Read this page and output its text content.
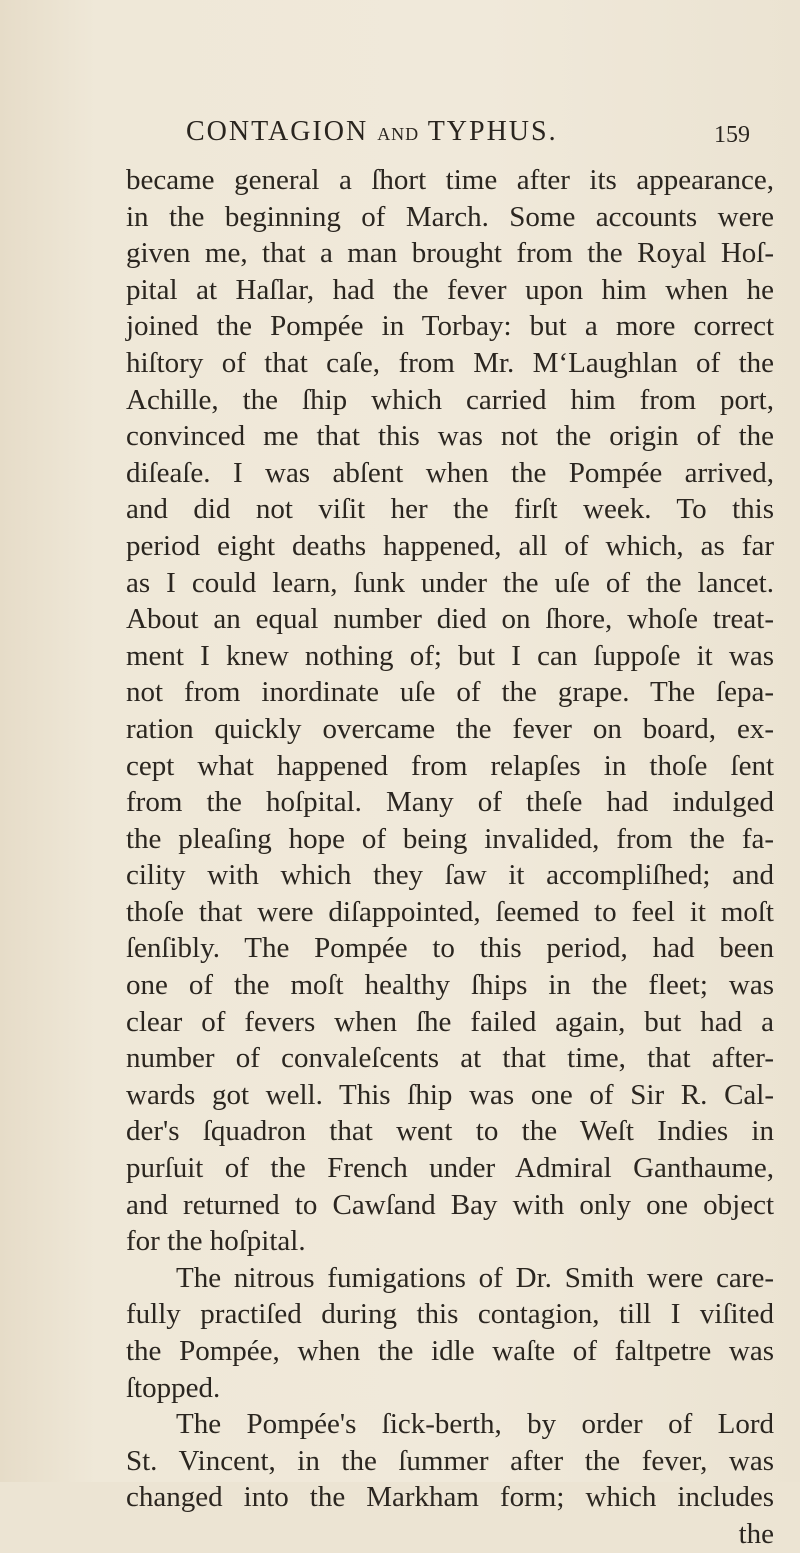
CONTAGION AND TYPHUS.	159
became general a ſhort time after its appearance,
in the beginning of March. Some accounts were
given me, that a man brought from the Royal Hoſ-
pital at Haſlar, had the fever upon him when he
joined the Pompée in Torbay: but a more correct
hiſtory of that caſe, from Mr. M‘Laughlan of the
Achille, the ſhip which carried him from port,
convinced me that this was not the origin of the
diſeaſe. I was abſent when the Pompée arrived,
and did not viſit her the firſt week. To this
period eight deaths happened, all of which, as far
as I could learn, ſunk under the uſe of the lancet.
About an equal number died on ſhore, whoſe treat-
ment I knew nothing of; but I can ſuppoſe it was
not from inordinate uſe of the grape. The ſepa-
ration quickly overcame the fever on board, ex-
cept what happened from relapſes in thoſe ſent
from the hoſpital. Many of theſe had indulged
the pleaſing hope of being invalided, from the fa-
cility with which they ſaw it accompliſhed; and
thoſe that were diſappointed, ſeemed to feel it moſt
ſenſibly. The Pompée to this period, had been
one of the moſt healthy ſhips in the fleet; was
clear of fevers when ſhe failed again, but had a
number of convaleſcents at that time, that after-
wards got well. This ſhip was one of Sir R. Cal-
der's ſquadron that went to the Weſt Indies in
purſuit of the French under Admiral Ganthaume,
and returned to Cawſand Bay with only one object
for the hoſpital.
The nitrous fumigations of Dr. Smith were care-
fully practiſed during this contagion, till I viſited
the Pompée, when the idle waſte of faltpetre was
ſtopped.
The Pompée's ſick-berth, by order of Lord
St. Vincent, in the ſummer after the fever, was
changed into the Markham form; which includes
the
